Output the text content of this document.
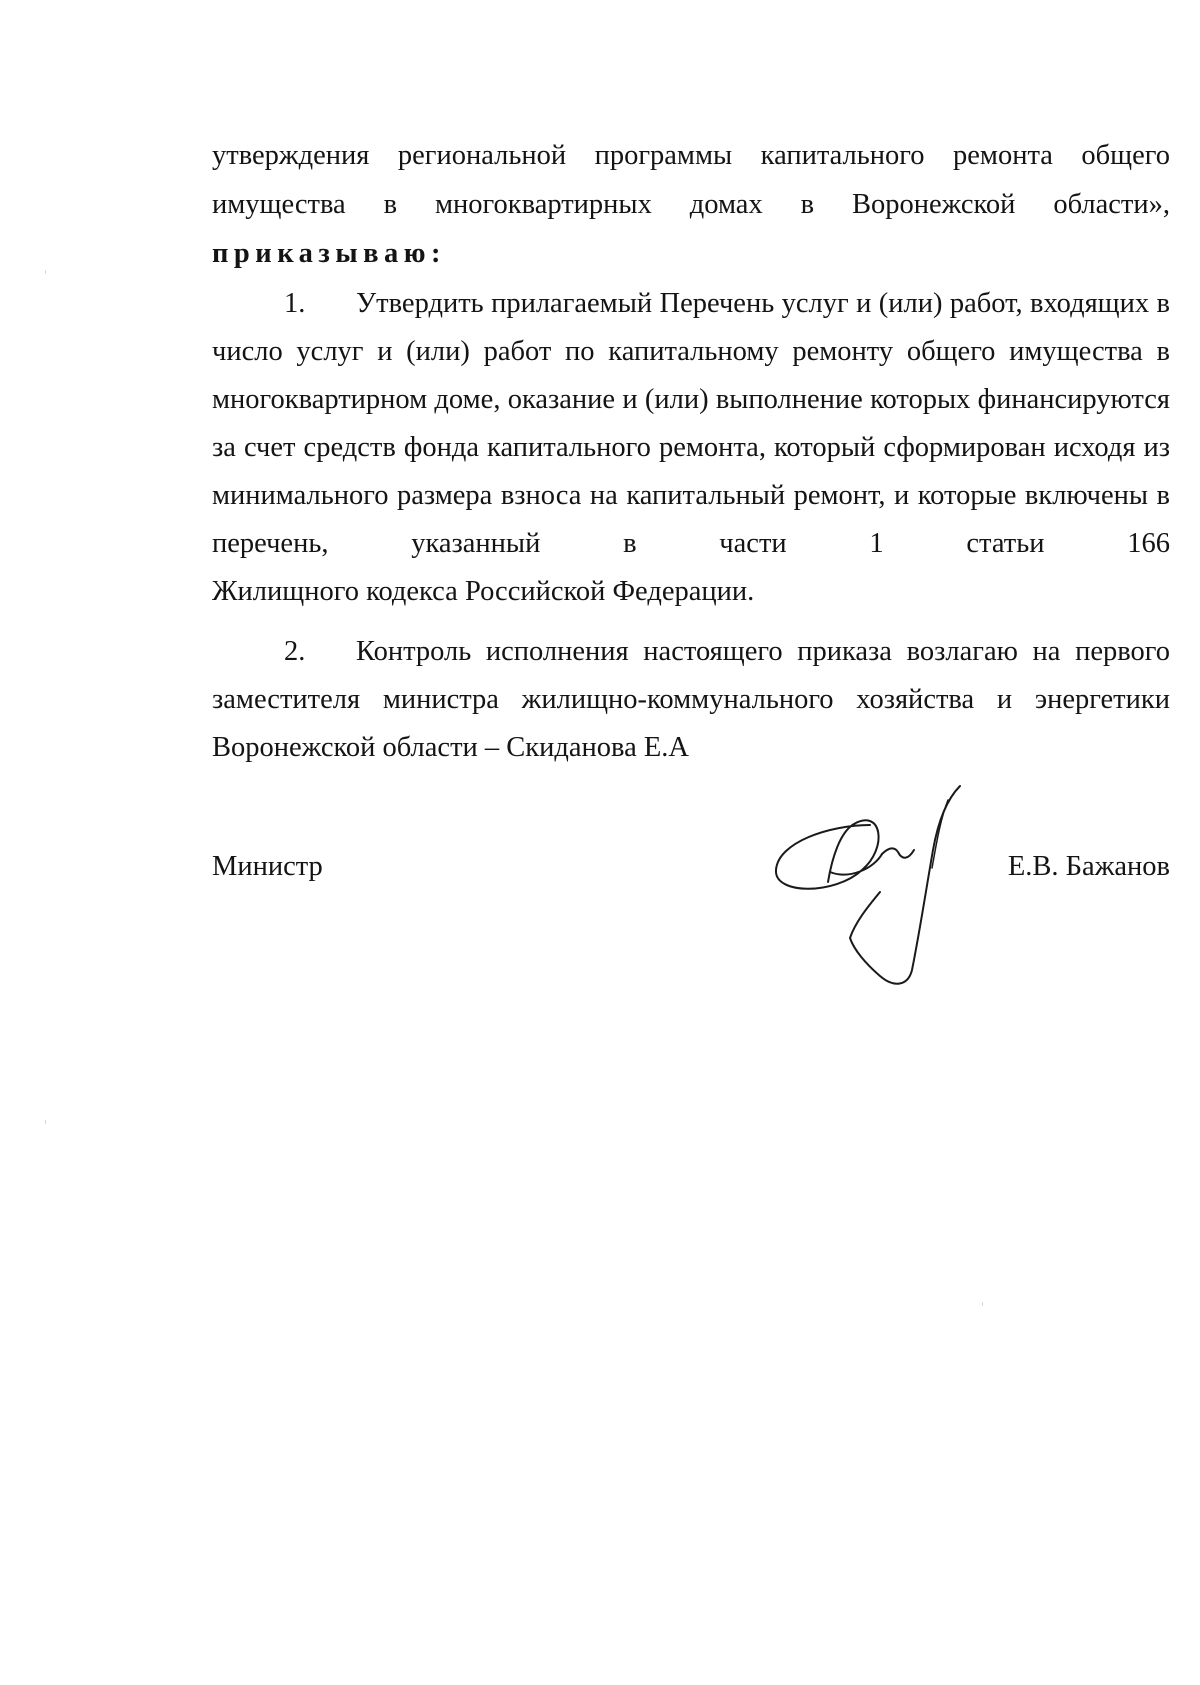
утверждения региональной программы капитального ремонта общего
имущества в многоквартирных домах в Воронежской области»,
приказываю:

1. Утвердить прилагаемый Перечень услуг и (или) работ, входящих в число услуг и (или) работ по капитальному ремонту общего имущества в многоквартирном доме, оказание и (или) выполнение которых финансируются за счет средств фонда капитального ремонта, который сформирован исходя из минимального размера взноса на капитальный ремонт, и которые включены в перечень, указанный в части 1 статьи 166

Жилищного кодекса Российской Федерации.

2. Контроль исполнения настоящего приказа возлагаю на первого заместителя министра жилищно-коммунального хозяйства и энергетики

Воронежской области – Скиданова Е.А

Министр	Е.В. Бажанов
